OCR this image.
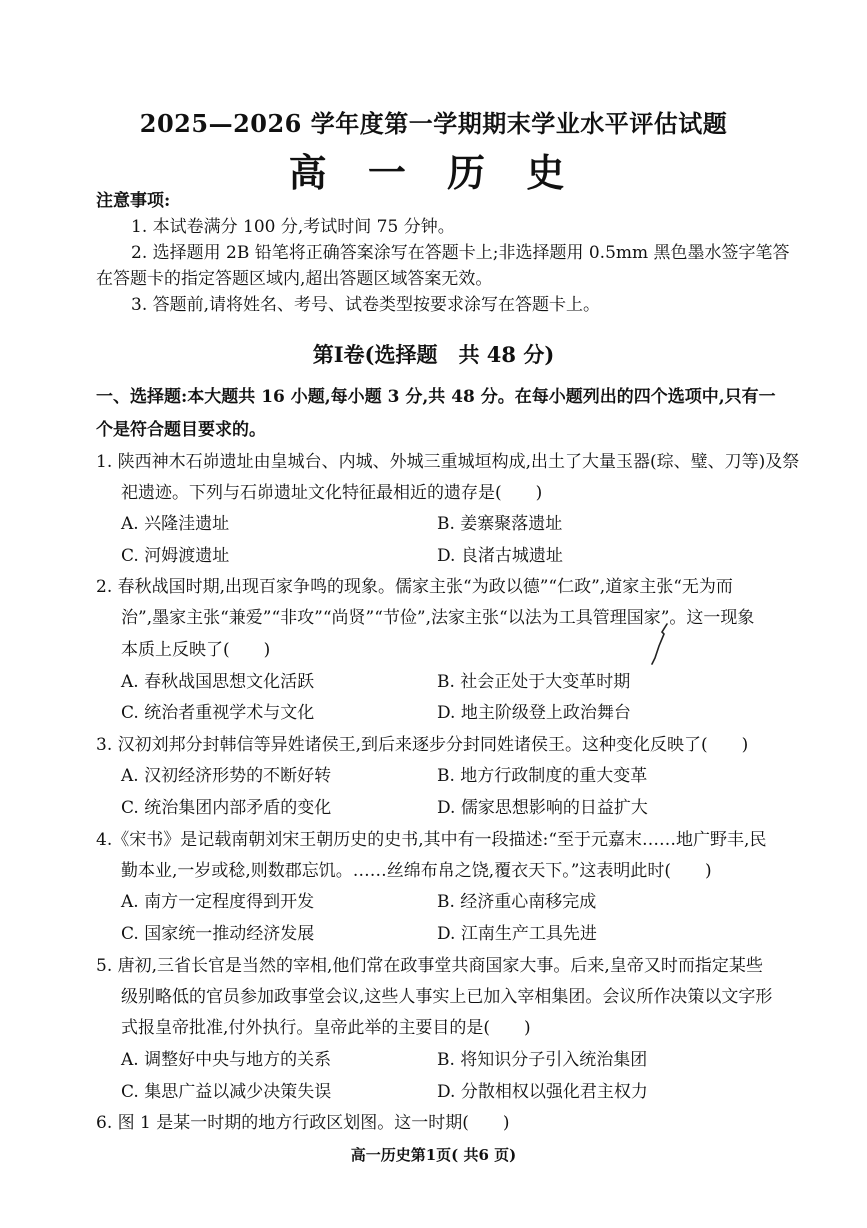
2025—2026 学年度第一学期期末学业水平评估试题
高 一 历 史
注意事项:
1. 本试卷满分 100 分,考试时间 75 分钟。
2. 选择题用 2B 铅笔将正确答案涂写在答题卡上;非选择题用 0.5mm 黑色墨水签字笔答
在答题卡的指定答题区域内,超出答题区域答案无效。
3. 答题前,请将姓名、考号、试卷类型按要求涂写在答题卡上。
第Ⅰ卷(选择题　共 48 分)
一、选择题:本大题共 16 小题,每小题 3 分,共 48 分。在每小题列出的四个选项中,只有一
个是符合题目要求的。
1. 陕西神木石峁遗址由皇城台、内城、外城三重城垣构成,出土了大量玉器(琮、璧、刀等)及祭
祀遗迹。下列与石峁遗址文化特征最相近的遗存是(　　)
A. 兴隆洼遗址	B. 姜寨聚落遗址
C. 河姆渡遗址	D. 良渚古城遗址
2. 春秋战国时期,出现百家争鸣的现象。儒家主张“为政以德”“仁政”,道家主张“无为而
治”,墨家主张“兼爱”“非攻”“尚贤”“节俭”,法家主张“以法为工具管理国家”。这一现象
本质上反映了(　　)
A. 春秋战国思想文化活跃	B. 社会正处于大变革时期
C. 统治者重视学术与文化	D. 地主阶级登上政治舞台
3. 汉初刘邦分封韩信等异姓诸侯王,到后来逐步分封同姓诸侯王。这种变化反映了(　　)
A. 汉初经济形势的不断好转	B. 地方行政制度的重大变革
C. 统治集团内部矛盾的变化	D. 儒家思想影响的日益扩大
4.《宋书》是记载南朝刘宋王朝历史的史书,其中有一段描述:“至于元嘉末……地广野丰,民
勤本业,一岁或稔,则数郡忘饥。……丝绵布帛之饶,覆衣天下。”这表明此时(　　)
A. 南方一定程度得到开发	B. 经济重心南移完成
C. 国家统一推动经济发展	D. 江南生产工具先进
5. 唐初,三省长官是当然的宰相,他们常在政事堂共商国家大事。后来,皇帝又时而指定某些
级别略低的官员参加政事堂会议,这些人事实上已加入宰相集团。会议所作决策以文字形
式报皇帝批准,付外执行。皇帝此举的主要目的是(　　)
A. 调整好中央与地方的关系	B. 将知识分子引入统治集团
C. 集思广益以减少决策失误	D. 分散相权以强化君主权力
6. 图 1 是某一时期的地方行政区划图。这一时期(　　)
高一历史第1页( 共6 页)
